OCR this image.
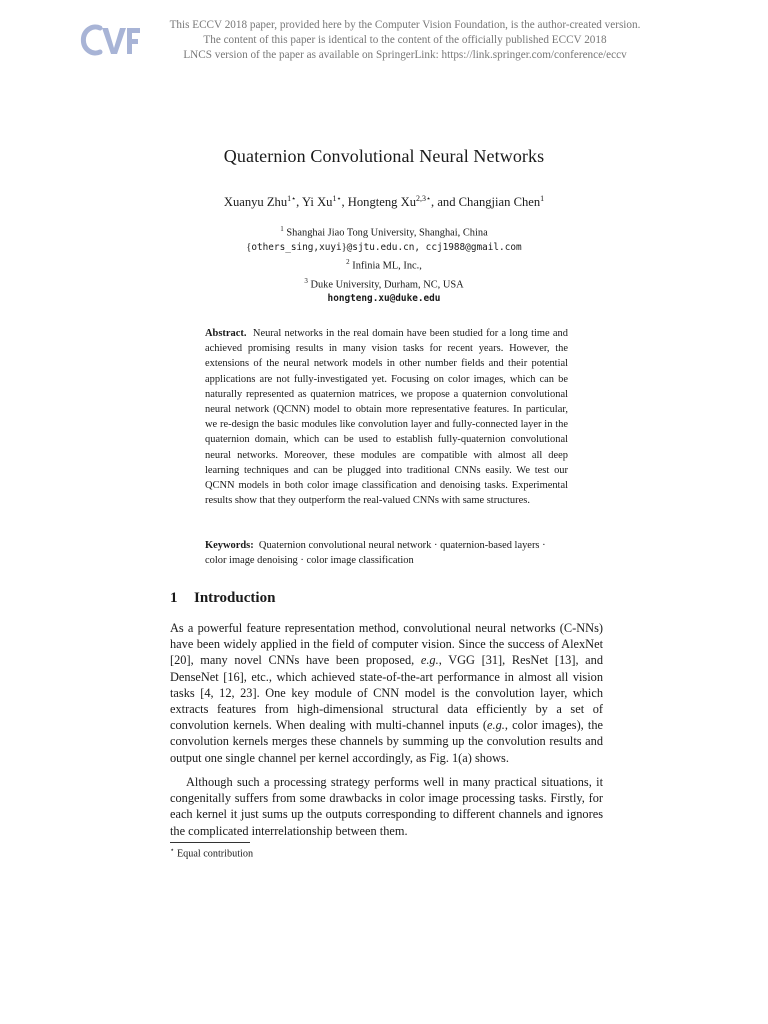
This ECCV 2018 paper, provided here by the Computer Vision Foundation, is the author-created version.
The content of this paper is identical to the content of the officially published ECCV 2018
LNCS version of the paper as available on SpringerLink: https://link.springer.com/conference/eccv
Quaternion Convolutional Neural Networks
Xuanyu Zhu$^{1⋆}$, Yi $Xu^{1⋆}$, Hongteng $Xu^{2,3⋆}$, and Changjian Chen$^1$
$^1$ Shanghai Jiao Tong University, Shanghai, China
{others_sing,xuyi}@sjtu.edu.cn, ccj1988@gmail.com
$^2$ Infinia ML, Inc.,
$^3$ Duke University, Durham, NC, USA
hongteng.xu@duke.edu
Abstract. Neural networks in the real domain have been studied for a long time and achieved promising results in many vision tasks for recent years. However, the extensions of the neural network models in other number fields and their potential applications are not fully-investigated yet. Focusing on color images, which can be naturally represented as quaternion matrices, we propose a quaternion convolutional neural network (QCNN) model to obtain more representative features. In particular, we re-design the basic modules like convolution layer and fully-connected layer in the quaternion domain, which can be used to establish fully-quaternion convolutional neural networks. Moreover, these modules are compatible with almost all deep learning techniques and can be plugged into traditional CNNs easily. We test our QCNN models in both color image classification and denoising tasks. Experimental results show that they outperform the real-valued CNNs with same structures.
Keywords: Quaternion convolutional neural network · quaternion-based layers · color image denoising · color image classification
1 Introduction
As a powerful feature representation method, convolutional neural networks (C-NNs) have been widely applied in the field of computer vision. Since the success of AlexNet [20], many novel CNNs have been proposed, e.g., VGG [31], ResNet [13], and DenseNet [16], etc., which achieved state-of-the-art performance in almost all vision tasks [4, 12, 23]. One key module of CNN model is the convolution layer, which extracts features from high-dimensional structural data efficiently by a set of convolution kernels. When dealing with multi-channel inputs (e.g., color images), the convolution kernels merges these channels by summing up the convolution results and output one single channel per kernel accordingly, as Fig. 1(a) shows.
Although such a processing strategy performs well in many practical situations, it congenitally suffers from some drawbacks in color image processing tasks. Firstly, for each kernel it just sums up the outputs corresponding to different channels and ignores the complicated interrelationship between them.
⋆ Equal contribution
